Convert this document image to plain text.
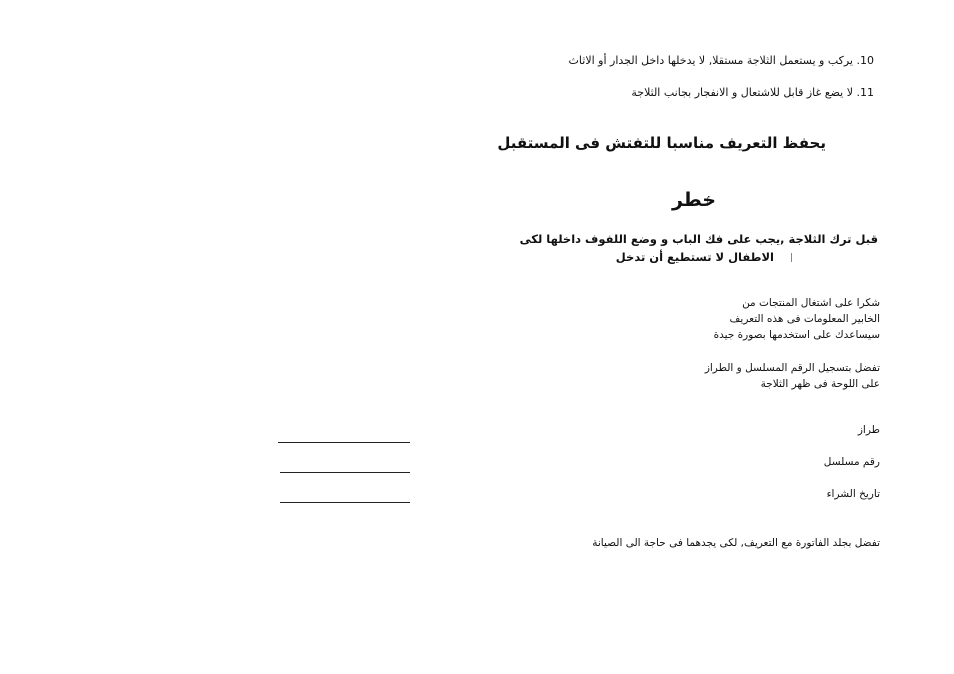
10. يركب و يستعمل الثلاجة مستقلا, لا يدخلها داخل الجدار أو الاثاث
11. لا يضع غاز قابل للاشتعال و الانفجار بجانب الثلاجة
يحفظ التعريف مناسبا للتفتش فى المستقبل
خطر
قبل ترك الثلاجة ,يجب على فك الباب و وضع اللفوف داخلها لكى
الاطفال لا تستطيع أن تدخل
شكرا على اشتغال المنتجات من
الخابير المعلومات فى هذه التعريف
سيساعدك على استخدمها بصورة جيدة
تفضل بتسجيل الرقم المسلسل و الطراز
على اللوحة فى ظهر الثلاجة
طراز
رقم مسلسل
تاريخ الشراء
تفضل بجلد الفاتورة مع التعريف, لكى يجدهما فى حاجة الى الصيانة
